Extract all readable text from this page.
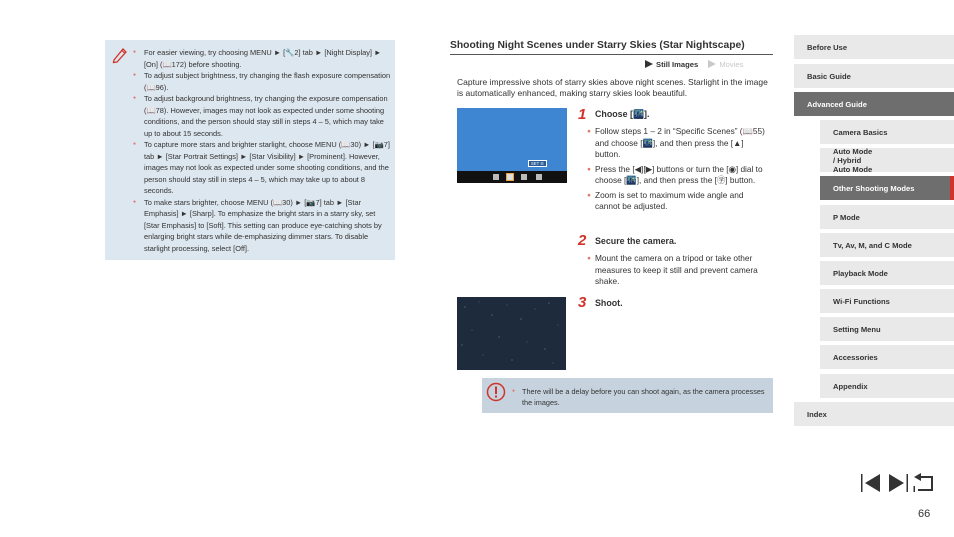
● For easier viewing, try choosing MENU ► [🔧2] tab ► [Night Display] ► [On] (📖172) before shooting.
● To adjust subject brightness, try changing the flash exposure compensation (📖96).
● To adjust background brightness, try changing the exposure compensation (📖78). However, images may not look as expected under some shooting conditions, and the person should stay still in steps 4 – 5, which may take up to about 15 seconds.
● To capture more stars and brighter starlight, choose MENU (📖30) ► [📷7] tab ► [Star Portrait Settings] ► [Star Visibility] ► [Prominent]. However, images may not look as expected under some shooting conditions, and the person should stay still in steps 4 – 5, which may take up to about 8 seconds.
● To make stars brighter, choose MENU (📖30) ► [📷7] tab ► [Star Emphasis] ► [Sharp]. To emphasize the bright stars in a starry sky, set [Star Emphasis] to [Soft]. This setting can produce eye-catching shots by enlarging bright stars while de-emphasizing dimmer stars. To disable starlight processing, select [Off].
Shooting Night Scenes under Starry Skies (Star Nightscape)
Still Images	Movies
Capture impressive shots of starry skies above night scenes. Starlight in the image is automatically enhanced, making starry skies look beautiful.
SET ☰
1 Choose [🌃].
● Follow steps 1 – 2 in “Specific Scenes” (📖55) and choose [🌃], and then press the [▲] button.
● Press the [◀][▶] buttons or turn the [◉] dial to choose [🌃], and then press the [㊫] button.
● Zoom is set to maximum wide angle and cannot be adjusted.
2 Secure the camera.
● Mount the camera on a tripod or take other measures to keep it still and prevent camera shake.
3 Shoot.
● There will be a delay before you can shoot again, as the camera processes the images.
Before Use
Basic Guide
Advanced Guide
Camera Basics
Auto Mode / Hybrid Auto Mode
Other Shooting Modes
P Mode
Tv, Av, M, and C Mode
Playback Mode
Wi-Fi Functions
Setting Menu
Accessories
Appendix
Index
66
